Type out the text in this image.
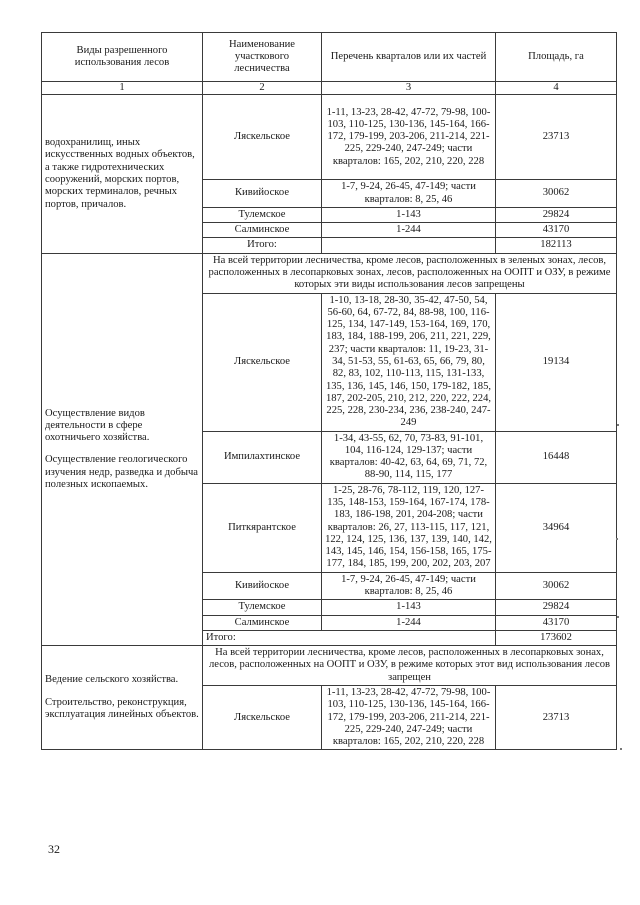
Виды разрешенного использования лесов	Наименование участкового лесничества	Перечень кварталов или их частей	Площадь, га
1	2	3	4

водохранилищ, иных искусственных водных объектов, а также гидротехнических сооружений, морских портов, морских терминалов, речных портов, причалов.	Ляскельское	1-11, 13-23, 28-42, 47-72, 79-98, 100-103, 110-125, 130-136, 145-164, 166-172, 179-199, 203-206, 211-214, 221-225, 229-240, 247-249; части кварталов: 165, 202, 210, 220, 228	23713
	Кивийоское	1-7, 9-24, 26-45, 47-149; части кварталов: 8, 25, 46	30062
	Тулемское	1-143	29824
	Салминское	1-244	43170
	Итого:		182113

Осуществление видов деятельности в сфере охотничьего хозяйства.
Осуществление геологического изучения недр, разведка и добыча полезных ископаемых.	На всей территории лесничества, кроме лесов, расположенных в зеленых зонах, лесов, расположенных в лесопарковых зонах, лесов, расположенных на ООПТ и ОЗУ, в режиме которых эти виды использования лесов запрещены		
	Ляскельское	1-10, 13-18, 28-30, 35-42, 47-50, 54, 56-60, 64, 67-72, 84, 88-98, 100, 116-125, 134, 147-149, 153-164, 169, 170, 183, 184, 188-199, 206, 211, 221, 229, 237; части кварталов: 11, 19-23, 31-34, 51-53, 55, 61-63, 65, 66, 79, 80, 82, 83, 102, 110-113, 115, 131-133, 135, 136, 145, 146, 150, 179-182, 185, 187, 202-205, 210, 212, 220, 222, 224, 225, 228, 230-234, 236, 238-240, 247-249	19134
	Импилахтинское	1-34, 43-55, 62, 70, 73-83, 91-101, 104, 116-124, 129-137; части кварталов: 40-42, 63, 64, 69, 71, 72, 88-90, 114, 115, 177	16448
	Питкярантское	1-25, 28-76, 78-112, 119, 120, 127-135, 148-153, 159-164, 167-174, 178-183, 186-198, 201, 204-208; части кварталов: 26, 27, 113-115, 117, 121, 122, 124, 125, 136, 137, 139, 140, 142, 143, 145, 146, 154, 156-158, 165, 175-177, 184, 185, 199, 200, 202, 203, 207	34964
	Кивийоское	1-7, 9-24, 26-45, 47-149; части кварталов: 8, 25, 46	30062
	Тулемское	1-143	29824
	Салминское	1-244	43170
	Итого:		173602

Ведение сельского хозяйства.
Строительство, реконструкция, эксплуатация линейных объектов.	На всей территории лесничества, кроме лесов, расположенных в лесопарковых зонах, лесов, расположенных на ООПТ и ОЗУ, в режиме которых этот вид использования лесов запрещен		
	Ляскельское	1-11, 13-23, 28-42, 47-72, 79-98, 100-103, 110-125, 130-136, 145-164, 166-172, 179-199, 203-206, 211-214, 221-225, 229-240, 247-249; части кварталов: 165, 202, 210, 220, 228	23713
32
